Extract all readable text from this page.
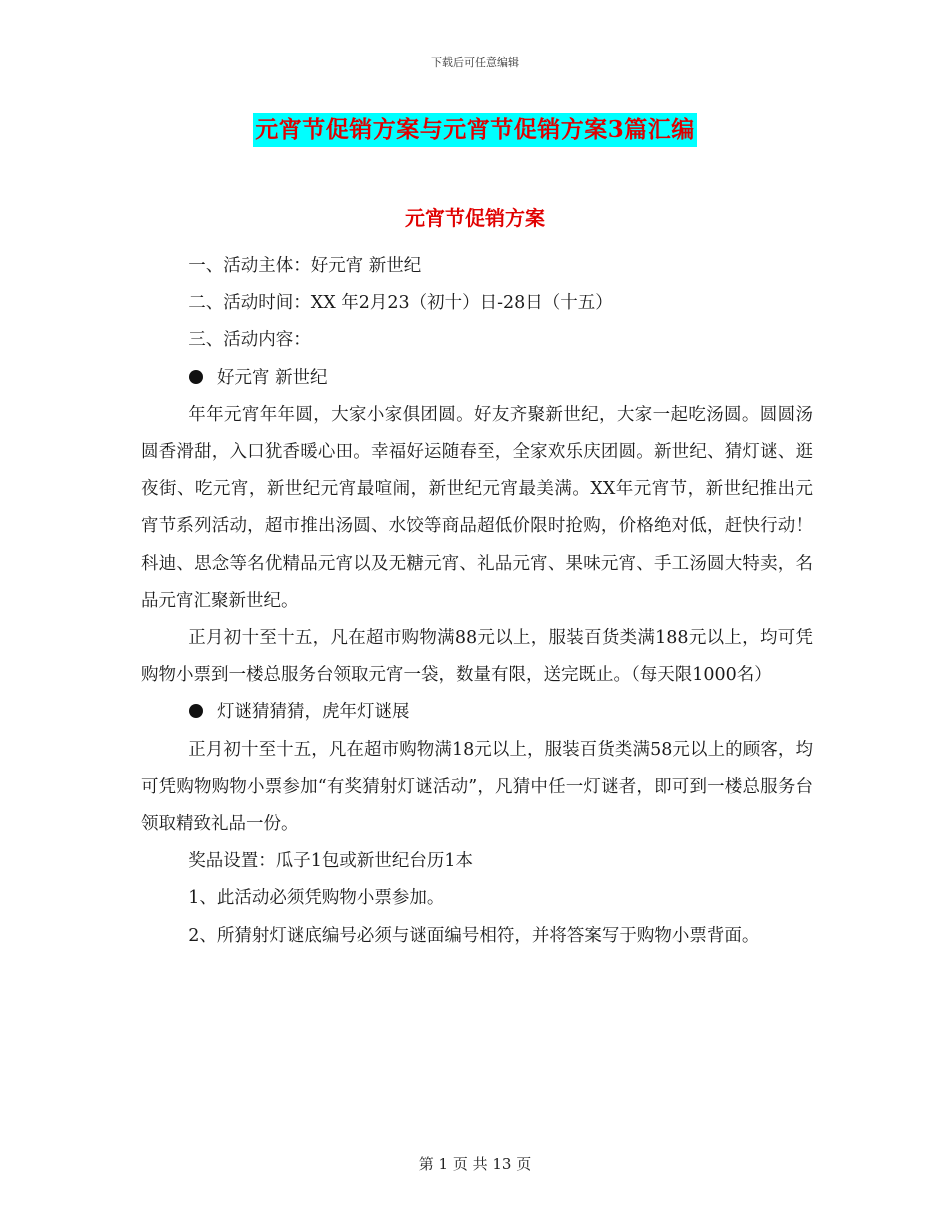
下载后可任意编辑
元宵节促销方案与元宵节促销方案3篇汇编
元宵节促销方案

一、活动主体：好元宵 新世纪

二、活动时间：XX 年2月23（初十）日-28日（十五）

三、活动内容：

好元宵 新世纪

年年元宵年年圆，大家小家俱团圆。好友齐聚新世纪，大家一起吃汤圆。圆圆汤圆香滑甜，入口犹香暖心田。幸福好运随春至，全家欢乐庆团圆。新世纪、猜灯谜、逛夜街、吃元宵，新世纪元宵最喧闹，新世纪元宵最美满。XX年元宵节，新世纪推出元宵节系列活动，超市推出汤圆、水饺等商品超低价限时抢购，价格绝对低，赶快行动！科迪、思念等名优精品元宵以及无糖元宵、礼品元宵、果味元宵、手工汤圆大特卖，名品元宵汇聚新世纪。

正月初十至十五，凡在超市购物满88元以上，服装百货类满188元以上，均可凭购物小票到一楼总服务台领取元宵一袋，数量有限，送完既止。（每天限1000名）

灯谜猜猜猜，虎年灯谜展

正月初十至十五，凡在超市购物满18元以上，服装百货类满58元以上的顾客，均可凭购物购物小票参加“有奖猜射灯谜活动”，凡猜中任一灯谜者，即可到一楼总服务台领取精致礼品一份。

奖品设置：瓜子1包或新世纪台历1本

1、此活动必须凭购物小票参加。

2、所猜射灯谜底编号必须与谜面编号相符，并将答案写于购物小票背面。

第 1 页 共 13 页
